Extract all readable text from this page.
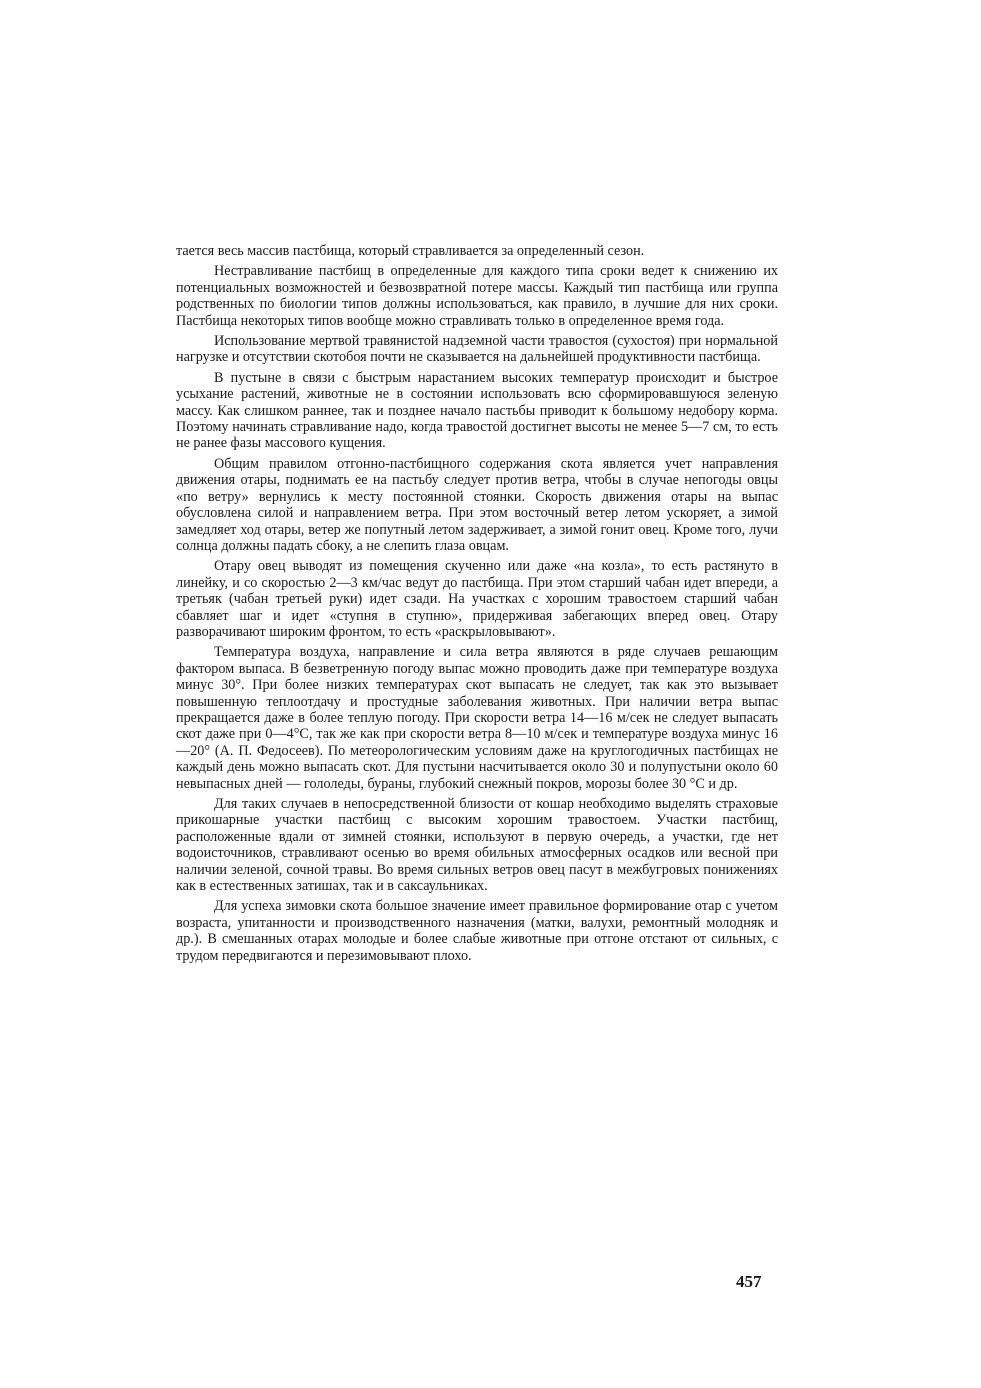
тается весь массив пастбища, который стравливается за определенный сезон.

Нестравливание пастбищ в определенные для каждого типа сроки ведет к снижению их потенциальных возможностей и безвозвратной потере массы. Каждый тип пастбища или группа родственных по биологии типов должны использоваться, как правило, в лучшие для них сроки. Пастбища некоторых типов вообще можно стравливать только в определенное время года.

Использование мертвой травянистой надземной части травостоя (сухостоя) при нормальной нагрузке и отсутствии скотобоя почти не сказывается на дальнейшей продуктивности пастбища.

В пустыне в связи с быстрым нарастанием высоких температур происходит и быстрое усыхание растений, животные не в состоянии использовать всю сформировавшуюся зеленую массу. Как слишком раннее, так и позднее начало пастьбы приводит к большому недобору корма. Поэтому начинать стравливание надо, когда травостой достигнет высоты не менее 5—7 см, то есть не ранее фазы массового кущения.

Общим правилом отгонно-пастбищного содержания скота является учет направления движения отары, поднимать ее на пастьбу следует против ветра, чтобы в случае непогоды овцы «по ветру» вернулись к месту постоянной стоянки. Скорость движения отары на выпас обусловлена силой и направлением ветра. При этом восточный ветер летом ускоряет, а зимой замедляет ход отары, ветер же попутный летом задерживает, а зимой гонит овец. Кроме того, лучи солнца должны падать сбоку, а не слепить глаза овцам.

Отару овец выводят из помещения скученно или даже «на козла», то есть растянуто в линейку, и со скоростью 2—3 км/час ведут до пастбища. При этом старший чабан идет впереди, а третьяк (чабан третьей руки) идет сзади. На участках с хорошим травостоем старший чабан сбавляет шаг и идет «ступня в ступню», придерживая забегающих вперед овец. Отару разворачивают широким фронтом, то есть «раскрыловывают».

Температура воздуха, направление и сила ветра являются в ряде случаев решающим фактором выпаса. В безветренную погоду выпас можно проводить даже при температуре воздуха минус 30°. При более низких температурах скот выпасать не следует, так как это вызывает повышенную теплоотдачу и простудные заболевания животных. При наличии ветра выпас прекращается даже в более теплую погоду. При скорости ветра 14—16 м/сек не следует выпасать скот даже при 0—4°С, так же как при скорости ветра 8—10 м/сек и температуре воздуха минус 16—20° (А. П. Федосеев). По метеорологическим условиям даже на круглогодичных пастбищах не каждый день можно выпасать скот. Для пустыни насчитывается около 30 и полупустыни около 60 невыпасных дней — гололеды, бураны, глубокий снежный покров, морозы более 30 °С и др.

Для таких случаев в непосредственной близости от кошар необходимо выделять страховые прикошарные участки пастбищ с высоким хорошим травостоем. Участки пастбищ, расположенные вдали от зимней стоянки, используют в первую очередь, а участки, где нет водоисточников, стравливают осенью во время обильных атмосферных осадков или весной при наличии зеленой, сочной травы. Во время сильных ветров овец пасут в межбугровых понижениях как в естественных затишах, так и в саксаульниках.

Для успеха зимовки скота большое значение имеет правильное формирование отар с учетом возраста, упитанности и производственного назначения (матки, валухи, ремонтный молодняк и др.). В смешанных отарах молодые и более слабые животные при отгоне отстают от сильных, с трудом передвигаются и перезимовывают плохо.

457
